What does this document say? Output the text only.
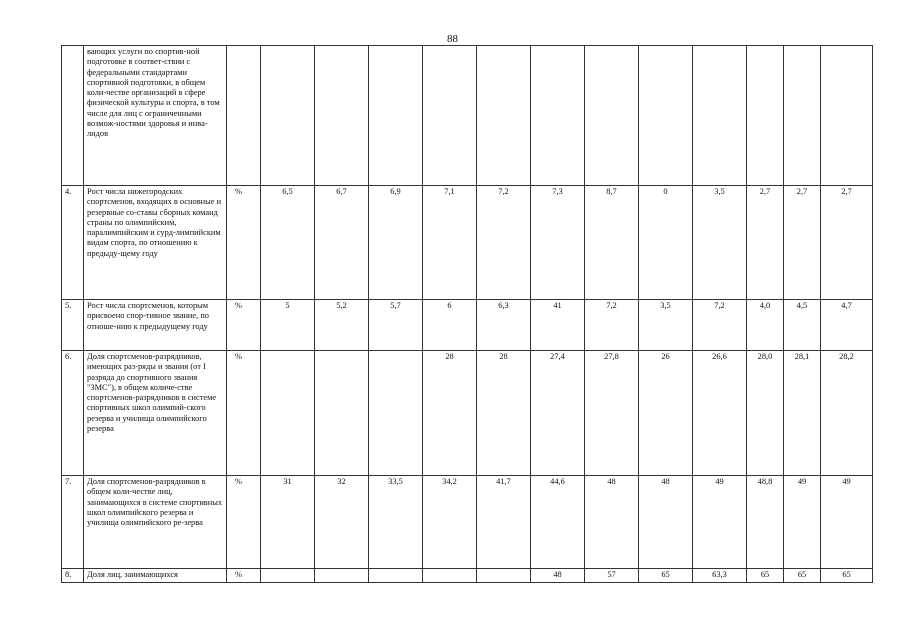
88
	вающих услуги по спортив-ной подготовке в соответ-ствии с федеральными стандартами спортивной подготовки, в общем коли-честве организаций в сфере физической культуры и спорта, в том числе для лиц с ограниченными возмож-ностями здоровья и инва-лидов													
4.	Рост числа нижегородских спортсменов, входящих в основные и резервные со-ставы сборных команд страны по олимпийским, паралимпийским и сурд-лимпийским видам спорта, по отношению к предыду-щему году	%	6,5	6,7	6,9	7,1	7,2	7,3	8,7	0	3,5	2,7	2,7	2,7
5.	Рост числа спортсменов, которым присвоено спор-тивное звание, по отноше-нию к предыдущему году	%	5	5,2	5,7	6	6,3	41	7,2	3,5	7,2	4,0	4,5	4,7
6.	Доля спортсменов-разрядников, имеющих раз-ряды и звания (от I разряда до спортивного звания "ЗМС"), в общем количе-стве спортсменов-разрядников в системе спортивных школ олимпий-ского резерва и училища олимпийского резерва	%				28	28	27,4	27,8	26	26,6	28,0	28,1	28,2
7.	Доля спортсменов-разрядников в общем коли-честве лиц, занимающихся в системе спортивных школ олимпийского резерва и училища олимпийского ре-зерва	%	31	32	33,5	34,2	41,7	44,6	48	48	49	48,8	49	49
8.	Доля лиц, занимающихся	%						48	57	65	63,3	65	65	65
